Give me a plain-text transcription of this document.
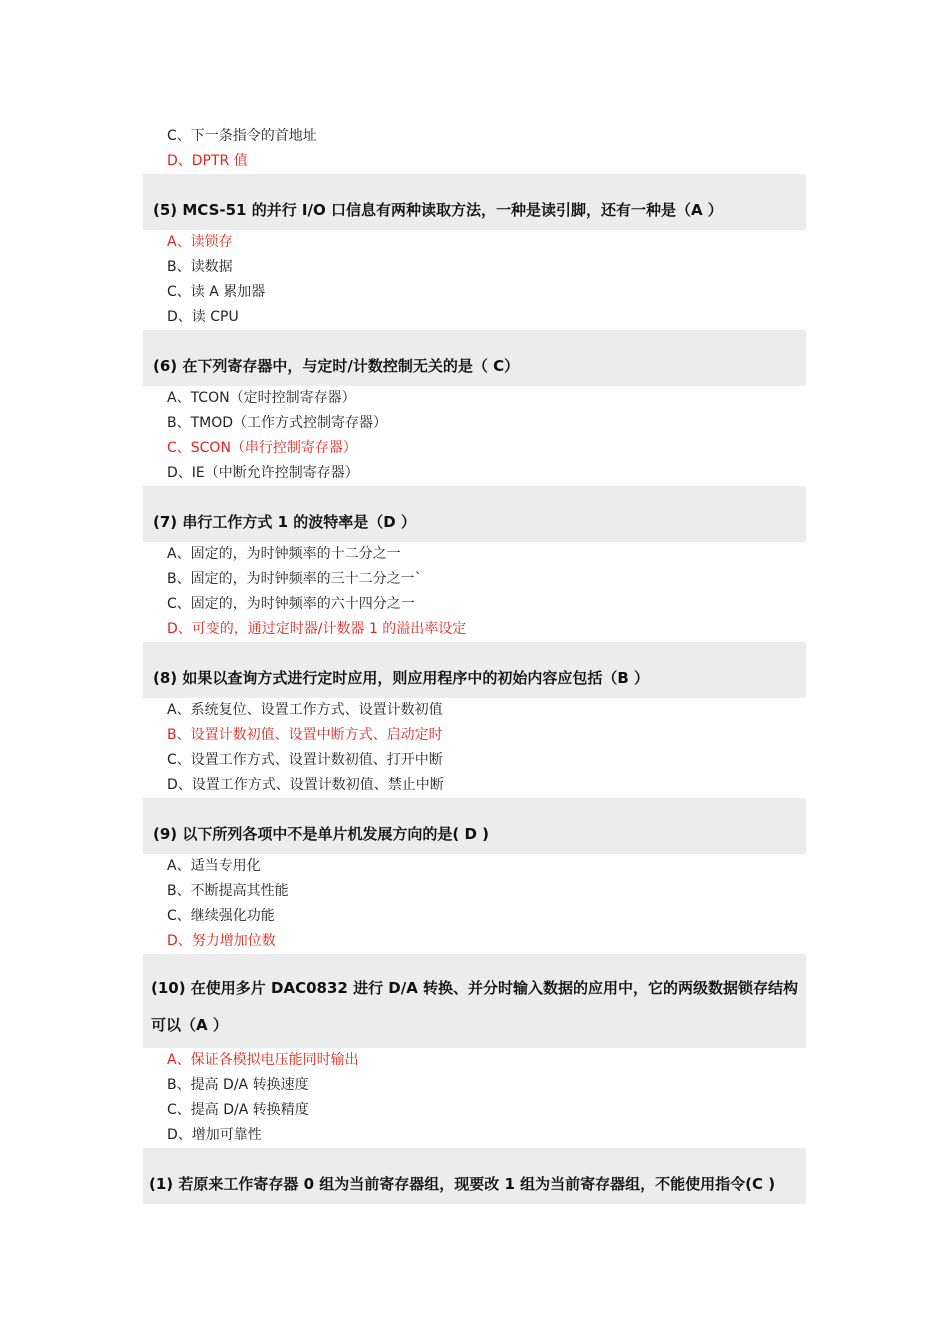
C、下一条指令的首地址
D、DPTR 值
(5) MCS-51 的并行 I/O 口信息有两种读取方法，一种是读引脚，还有一种是（A ）
A、读锁存
B、读数据
C、读 A 累加器
D、读 CPU
(6) 在下列寄存器中，与定时/计数控制无关的是（ C）
A、TCON（定时控制寄存器）
B、TMOD（工作方式控制寄存器）
C、SCON（串行控制寄存器）
D、IE（中断允许控制寄存器）
(7) 串行工作方式 1 的波特率是（D ）
A、固定的，为时钟频率的十二分之一
B、固定的，为时钟频率的三十二分之一`
C、固定的，为时钟频率的六十四分之一
D、可变的，通过定时器/计数器 1 的溢出率设定
(8) 如果以查询方式进行定时应用，则应用程序中的初始内容应包括（B ）
A、系统复位、设置工作方式、设置计数初值
B、设置计数初值、设置中断方式、启动定时
C、设置工作方式、设置计数初值、打开中断
D、设置工作方式、设置计数初值、禁止中断
(9) 以下所列各项中不是单片机发展方向的是( D )
A、适当专用化
B、不断提高其性能
C、继续强化功能
D、努力增加位数
(10) 在使用多片 DAC0832 进行 D/A 转换、并分时输入数据的应用中，它的两级数据锁存结构可以（A ）
A、保证各模拟电压能同时输出
B、提高 D/A 转换速度
C、提高 D/A 转换精度
D、增加可靠性
(1) 若原来工作寄存器 0 组为当前寄存器组，现要改 1 组为当前寄存器组，不能使用指令(C )
